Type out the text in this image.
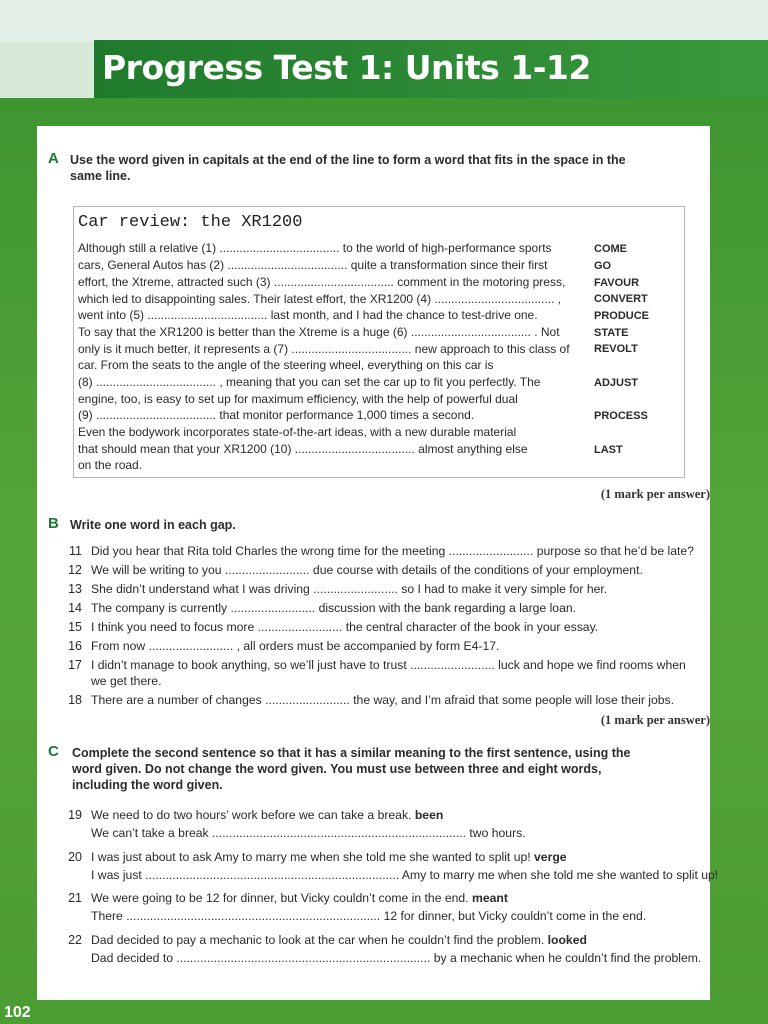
Progress Test 1: Units 1-12
102
A Use the word given in capitals at the end of the line to form a word that fits in the space in the
same line.
Car review: the XR1200
Although still a relative (1) .................................... to the world of high-performance sports
cars, General Autos has (2) .................................... quite a transformation since their first
effort, the Xtreme, attracted such (3) .................................... comment in the motoring press,
which led to disappointing sales. Their latest effort, the XR1200 (4) .................................... ,
went into (5) .................................... last month, and I had the chance to test-drive one.
To say that the XR1200 is better than the Xtreme is a huge (6) .................................... . Not
only is it much better, it represents a (7) .................................... new approach to this class of
car. From the seats to the angle of the steering wheel, everything on this car is
(8) .................................... , meaning that you can set the car up to fit you perfectly. The
engine, too, is easy to set up for maximum efficiency, with the help of powerful dual
(9) .................................... that monitor performance 1,000 times a second.
Even the bodywork incorporates state-of-the-art ideas, with a new durable material
that should mean that your XR1200 (10) .................................... almost anything else
on the road.
COME
GO
FAVOUR
CONVERT
PRODUCE
STATE
REVOLT
ADJUST
PROCESS
LAST
(1 mark per answer)
B Write one word in each gap.
11 Did you hear that Rita told Charles the wrong time for the meeting ......................... purpose so that he’d be late?
12 We will be writing to you ......................... due course with details of the conditions of your employment.
13 She didn’t understand what I was driving ......................... so I had to make it very simple for her.
14 The company is currently ......................... discussion with the bank regarding a large loan.
15 I think you need to focus more ......................... the central character of the book in your essay.
16 From now ......................... , all orders must be accompanied by form E4-17.
17 I didn’t manage to book anything, so we’ll just have to trust ......................... luck and hope we find rooms when
we get there.
18 There are a number of changes ......................... the way, and I’m afraid that some people will lose their jobs.
(1 mark per answer)
C Complete the second sentence so that it has a similar meaning to the first sentence, using the
word given. Do not change the word given. You must use between three and eight words,
including the word given.
19 We need to do two hours’ work before we can take a break. been
We can’t take a break ........................................................................... two hours.
20 I was just about to ask Amy to marry me when she told me she wanted to split up! verge
I was just ........................................................................... Amy to marry me when she told me she wanted to split up!
21 We were going to be 12 for dinner, but Vicky couldn’t come in the end. meant
There ........................................................................... 12 for dinner, but Vicky couldn’t come in the end.
22 Dad decided to pay a mechanic to look at the car when he couldn’t find the problem. looked
Dad decided to ........................................................................... by a mechanic when he couldn’t find the problem.
